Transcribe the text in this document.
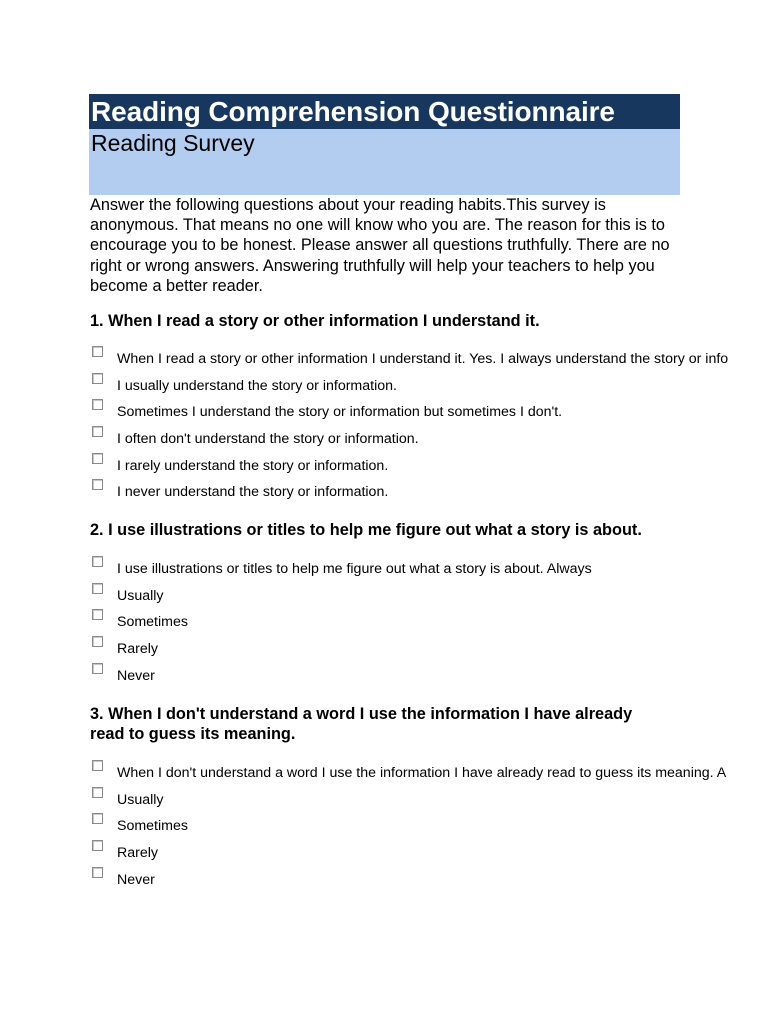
Reading Comprehension Questionnaire
Reading Survey

Answer the following questions about your reading habits.This survey is anonymous. That means no one will know who you are. The reason for this is to encourage you to be honest. Please answer all questions truthfully. There are no right or wrong answers. Answering truthfully will help your teachers to help you become a better reader.

1. When I read a story or other information I understand it.

When I read a story or other information I understand it. Yes. I always understand the story or info
I usually understand the story or information.
Sometimes I understand the story or information but sometimes I don't.
I often don't understand the story or information.
I rarely understand the story or information.
I never understand the story or information.

2. I use illustrations or titles to help me figure out what a story is about.

I use illustrations or titles to help me figure out what a story is about. Always
Usually
Sometimes
Rarely
Never

3. When I don't understand a word I use the information I have already read to guess its meaning.

When I don't understand a word I use the information I have already read to guess its meaning. A
Usually
Sometimes
Rarely
Never
